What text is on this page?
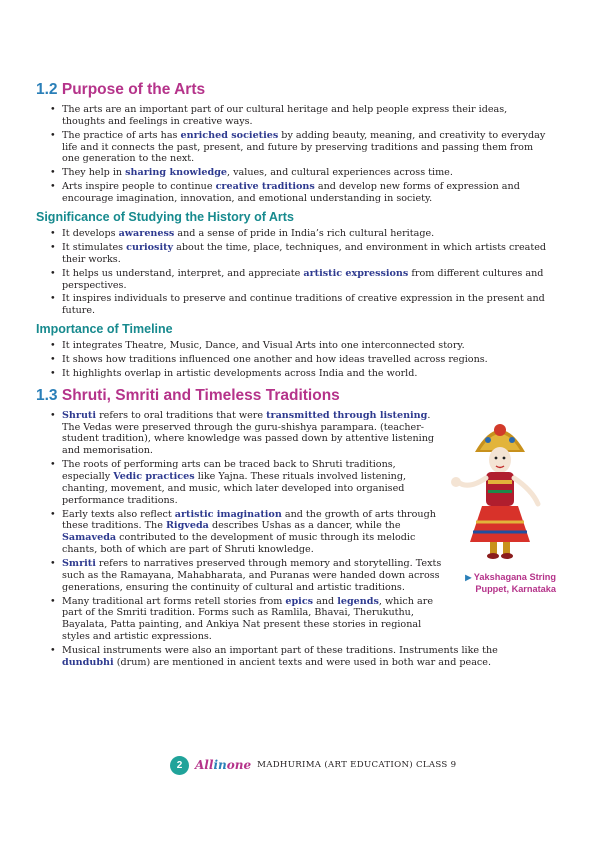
1.2 Purpose of the Arts
• The arts are an important part of our cultural heritage and help people express their ideas, thoughts and feelings in creative ways.
• The practice of arts has enriched societies by adding beauty, meaning, and creativity to everyday life and it connects the past, present, and future by preserving traditions and passing them from one generation to the next.
• They help in sharing knowledge, values, and cultural experiences across time.
• Arts inspire people to continue creative traditions and develop new forms of expression and encourage imagination, innovation, and emotional understanding in society.
Significance of Studying the History of Arts
• It develops awareness and a sense of pride in India’s rich cultural heritage.
• It stimulates curiosity about the time, place, techniques, and environment in which artists created their works.
• It helps us understand, interpret, and appreciate artistic expressions from different cultures and perspectives.
• It inspires individuals to preserve and continue traditions of creative expression in the present and future.
Importance of Timeline
• It integrates Theatre, Music, Dance, and Visual Arts into one interconnected story.
• It shows how traditions influenced one another and how ideas travelled across regions.
• It highlights overlap in artistic developments across India and the world.
1.3 Shruti, Smriti and Timeless Traditions
• Shruti refers to oral traditions that were transmitted through listening. The Vedas were preserved through the guru-shishya parampara. (teacher-student tradition), where knowledge was passed down by attentive listening and memorisation.
• The roots of performing arts can be traced back to Shruti traditions, especially Vedic practices like Yajna. These rituals involved listening, chanting, movement, and music, which later developed into organised performance traditions.
• Early texts also reflect artistic imagination and the growth of arts through these traditions. The Rigveda describes Ushas as a dancer, while the Samaveda contributed to the development of music through its melodic chants, both of which are part of Shruti knowledge.
• Smriti refers to narratives preserved through memory and storytelling. Texts such as the Ramayana, Mahabharata, and Puranas were handed down across generations, ensuring the continuity of cultural and artistic traditions.
• Many traditional art forms retell stories from epics and legends, which are part of the Smriti tradition. Forms such as Ramlila, Bhavai, Therukuthu, Bayalata, Patta painting, and Ankiya Nat present these stories in regional styles and artistic expressions.
• Musical instruments were also an important part of these traditions. Instruments like the dundubhi (drum) are mentioned in ancient texts and were used in both war and peace.
▶ Yakshagana String
Puppet, Karnataka
2	Allinone MADHURIMA (ART EDUCATION) CLASS 9
